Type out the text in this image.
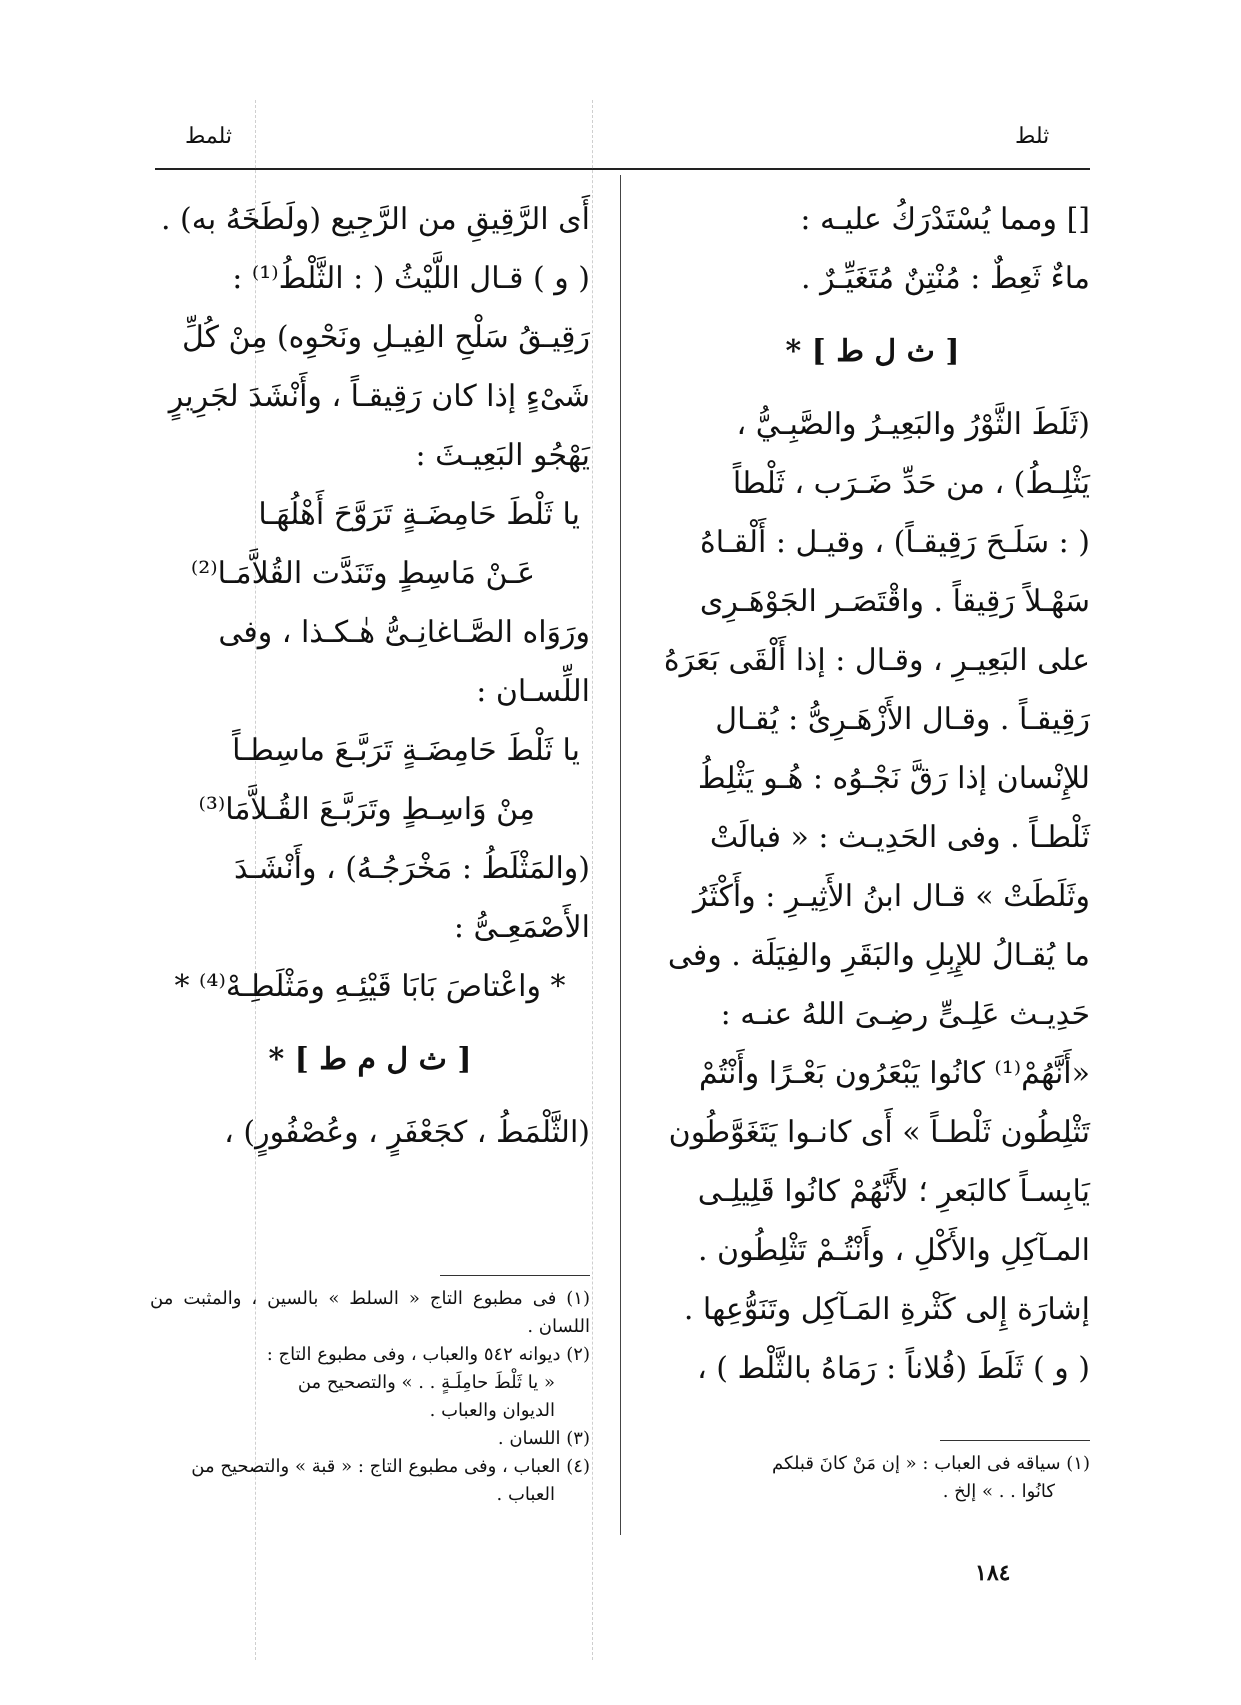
ثلمط	ثلط

[] ومما يُسْتَدْرَكُ عليـه :

ماءٌ ثَعِطٌ : مُنْتِنٌ مُتَغَيِّـرٌ .

[ ث ل ط ] *

(ثَلَطَ الثَّوْرُ والبَعِيـرُ والصَّبِـيُّ ،

يَثْلِـطُ) ، من حَدِّ ضَـرَب ، ثَلْطاً

( : سَلَـحَ رَقِيقـاً) ، وقيـل : أَلْقـاهُ

سَهْـلاً رَقِيقاً . واقْتَصَـر الجَوْهَـرِى

على البَعِيـرِ ، وقـال : إذا أَلْقَى بَعَرَهُ

رَقِيقـاً . وقـال الأَزْهَـرِىُّ : يُقـال

للإِنْسان إذا رَقَّ نَجْـوُه : هُـو يَثْلِطُ

ثَلْطـاً . وفى الحَدِيـث : « فبالَتْ

وثَلَطَتْ » قـال ابنُ الأَثِيـرِ : وأَكْثَرُ

ما يُقـالُ للإِبِلِ والبَقَرِ والفِيَلَة . وفى

حَدِيـث عَلِـىٍّ رضِـىَ اللهُ عنـه :

«أَنَّهُمْ⁽¹⁾ كانُوا يَبْعَرُون بَعْـرًا وأَنْتُمْ

تَثْلِطُون ثَلْطـاً » أَى كانـوا يَتَغَوَّطُون

يَابِسـاً كالبَعرِ ؛ لأَنَّهُمْ كانُوا قَلِيلِـى

المـآكِلِ والأَكْلِ ، وأَنْتُـمْ تَثْلِطُون .

إشارَة إِلى كَثْرةِ المَـآكِل وتَنَوُّعِها .

( و ) ثَلَطَ (فُلاناً : رَمَاهُ بالثَّلْط ) ،

أَى الرَّقِيقِ من الرَّجِيع (ولَطَخَهُ به) .

( و ) قـال اللَّيْثُ ( : الثَّلْطُ⁽¹⁾ :

رَقِيـقُ سَلْحِ الفِيـلِ ونَحْوِه) مِنْ كُلِّ

شَىْءٍ إذا كان رَقِيقـاً ، وأَنْشَدَ لجَرِيرٍ

يَهْجُو البَعِيـثَ :

يا ثَلْطَ حَامِضَـةٍ تَرَوَّحَ أَهْلُهَـا

عَـنْ مَاسِطٍ وتَنَدَّت القُلاَّمَـا⁽²⁾

ورَوَاه الصَّـاغانِـىُّ هٰـكـذا ، وفى

اللِّسـان :

يا ثَلْطَ حَامِضَـةٍ تَرَبَّـعَ ماسِطـاً

مِنْ وَاسِـطٍ وتَرَبَّـعَ القُـلاَّمَا⁽³⁾

(والمَثْلَطُ : مَخْرَجُـهُ) ، وأَنْشَـدَ

الأَصْمَعِـىُّ :

* واعْتاصَ بَابَا قَيْئِـهِ ومَثْلَطِـهْ⁽⁴⁾ *

[ ث ل م ط ] *

(الثَّلْمَطُ ، كجَعْفَرٍ ، وعُصْفُورٍ) ،

(١) فى مطبوع التاج « السلط » بالسين ، والمثبت من اللسان .

(٢) ديوانه ٥٤٢ والعباب ، وفى مطبوع التاج :

« يا ثَلْطَ حامِلَـةٍ . . » والتصحيح من

الديوان والعباب .

(٣) اللسان .

(٤) العباب ، وفى مطبوع التاج : « قبة » والتصحيح من

العباب .

(١) سياقه فى العباب : « إن مَنْ كانَ قبلكم

كانُوا . . » إلخ .

١٨٤
